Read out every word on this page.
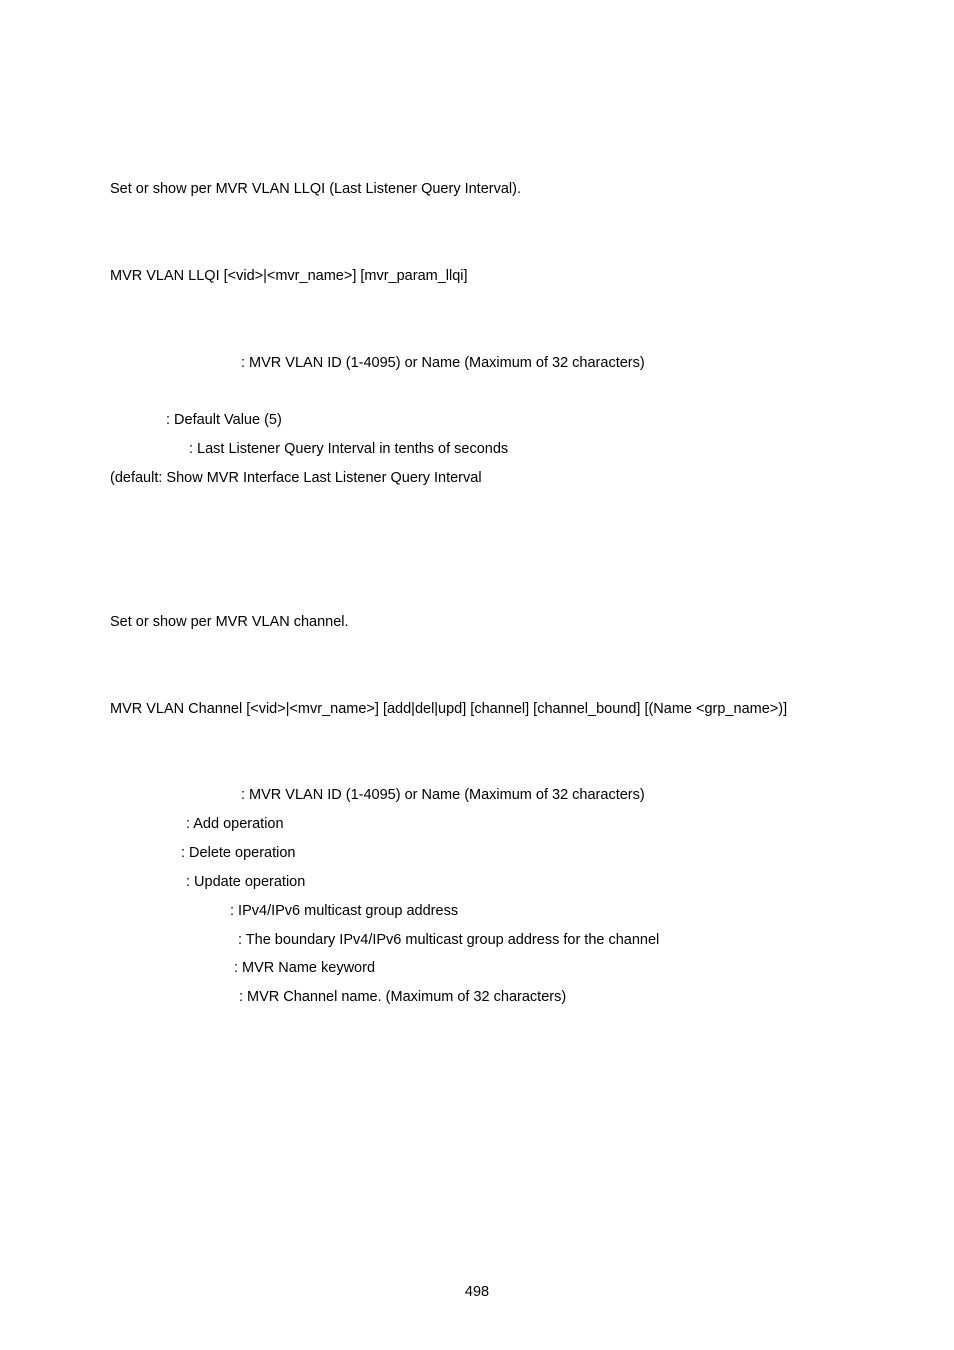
Set or show per MVR VLAN LLQI (Last Listener Query Interval).
MVR VLAN LLQI [<vid>|<mvr_name>] [mvr_param_llqi]
: MVR VLAN ID (1-4095) or Name (Maximum of 32 characters)
: Default Value (5)
: Last Listener Query Interval in tenths of seconds
(default: Show MVR Interface Last Listener Query Interval
Set or show per MVR VLAN channel.
MVR VLAN Channel [<vid>|<mvr_name>] [add|del|upd] [channel] [channel_bound] [(Name <grp_name>)]
: MVR VLAN ID (1-4095) or Name (Maximum of 32 characters)
: Add operation
: Delete operation
: Update operation
: IPv4/IPv6 multicast group address
: The boundary IPv4/IPv6 multicast group address for the channel
: MVR Name keyword
: MVR Channel name. (Maximum of 32 characters)
498
